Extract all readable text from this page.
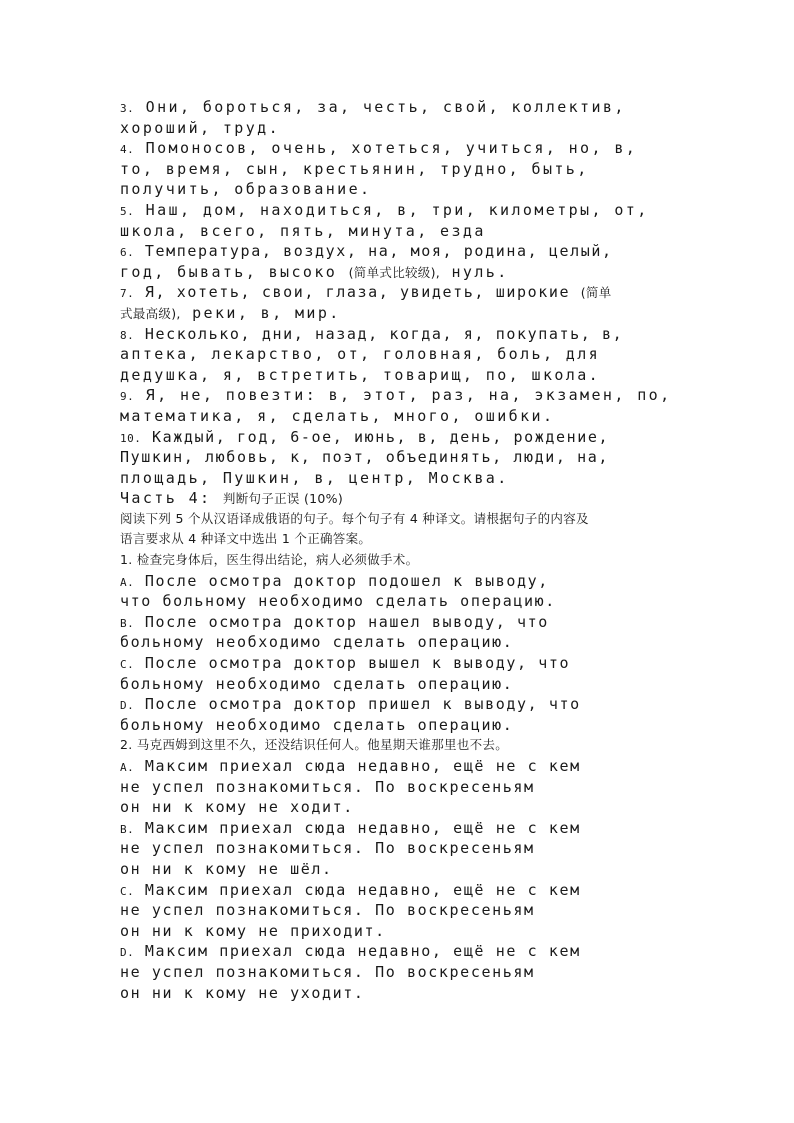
3. Они, бороться, за, честь, свой, коллектив,
хороший, труд.
4. Помоносов, очень, хотеться, учиться, но, в,
то, время, сын, крестьянин, трудно, быть,
получить, образование.
5. Наш, дом, находиться, в, три, километры, от,
школа, всего, пять, минута, езда
6. Температура, воздух, на, моя, родина, целый,
год, бывать, высоко (简单式比较级), нуль.
7. Я, хотеть, свои, глаза, увидеть, широкие (简单
式最高级), реки, в, мир.
8. Несколько, дни, назад, когда, я, покупать, в,
аптека, лекарство, от, головная, боль, для
дедушка, я, встретить, товарищ, по, школа.
9. Я, не, повезти: в, этот, раз, на, экзамен, по,
математика, я, сделать, много, ошибки.
10. Каждый, год, 6-ое, июнь, в, день, рождение,
Пушкин, любовь, к, поэт, объединять, люди, на,
площадь, Пушкин, в, центр, Москва.
Часть 4: 判断句子正误 (10%)
阅读下列 5 个从汉语译成俄语的句子。每个句子有 4 种译文。请根据句子的内容及
语言要求从 4 种译文中选出 1 个正确答案。
1. 检查完身体后，医生得出结论，病人必须做手术。
A. После осмотра доктор подошел к выводу,
что больному необходимо сделать операцию.
B. После осмотра доктор нашел выводу, что
больному необходимо сделать операцию.
C. После осмотра доктор вышел к выводу, что
больному необходимо сделать операцию.
D. После осмотра доктор пришел к выводу, что
больному необходимо сделать операцию.
2. 马克西姆到这里不久，还没结识任何人。他星期天谁那里也不去。
A. Максим приехал сюда недавно, ещё не с кем
не успел познакомиться. По воскресеньям
он ни к кому не ходит.
B. Максим приехал сюда недавно, ещё не с кем
не успел познакомиться. По воскресеньям
он ни к кому не шёл.
C. Максим приехал сюда недавно, ещё не с кем
не успел познакомиться. По воскресеньям
он ни к кому не приходит.
D. Максим приехал сюда недавно, ещё не с кем
не успел познакомиться. По воскресеньям
он ни к кому не уходит.
